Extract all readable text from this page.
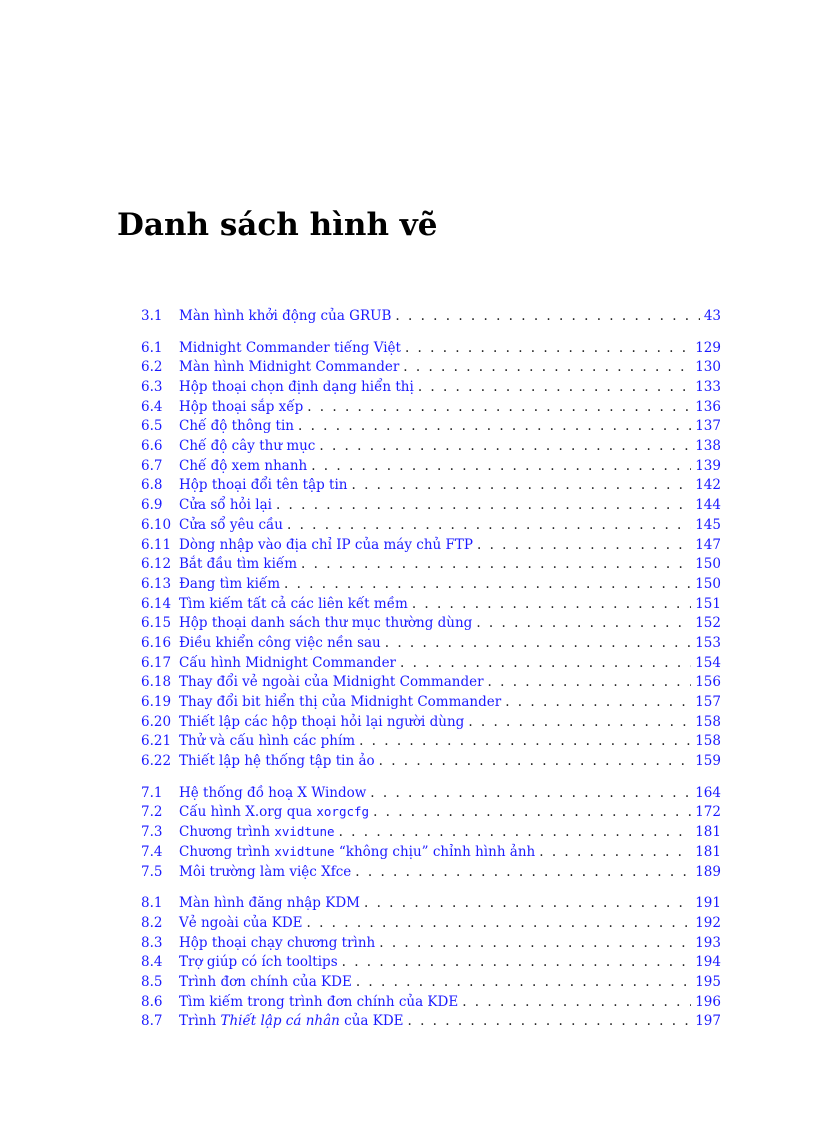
Danh sách hình vẽ
3.1	Màn hình khởi động của GRUB . . .	43
6.1	Midnight Commander tiếng Việt . . .	129
6.2	Màn hình Midnight Commander . . .	130
6.3	Hộp thoại chọn định dạng hiển thị . . .	133
6.4	Hộp thoại sắp xếp . . .	136
6.5	Chế độ thông tin . . .	137
6.6	Chế độ cây thư mục . . .	138
6.7	Chế độ xem nhanh . . .	139
6.8	Hộp thoại đổi tên tập tin . . .	142
6.9	Cửa sổ hỏi lại . . .	144
6.10 Cửa sổ yêu cầu . . .	145
6.11 Dòng nhập vào địa chỉ IP của máy chủ FTP . . .	147
6.12 Bắt đầu tìm kiếm . . .	150
6.13 Đang tìm kiếm . . .	150
6.14 Tìm kiếm tất cả các liên kết mềm . . .	151
6.15 Hộp thoại danh sách thư mục thường dùng . . .	152
6.16 Điều khiển công việc nền sau . . .	153
6.17 Cấu hình Midnight Commander . . .	154
6.18 Thay đổi vẻ ngoài của Midnight Commander . . .	156
6.19 Thay đổi bit hiển thị của Midnight Commander . . .	157
6.20 Thiết lập các hộp thoại hỏi lại người dùng . . .	158
6.21 Thử và cấu hình các phím . . .	158
6.22 Thiết lập hệ thống tập tin ảo . . .	159
7.1	Hệ thống đồ hoạ X Window . . .	164
7.2	Cấu hình X.org qua xorgcfg . . .	172
7.3	Chương trình xvidtune . . .	181
7.4	Chương trình xvidtune “không chịu” chỉnh hình ảnh . . .	181
7.5	Môi trường làm việc Xfce . . .	189
8.1	Màn hình đăng nhập KDM . . .	191
8.2	Vẻ ngoài của KDE . . .	192
8.3	Hộp thoại chạy chương trình . . .	193
8.4	Trợ giúp có ích tooltips . . .	194
8.5	Trình đơn chính của KDE . . .	195
8.6	Tìm kiếm trong trình đơn chính của KDE . . .	196
8.7	Trình Thiết lập cá nhân của KDE . . .	197
